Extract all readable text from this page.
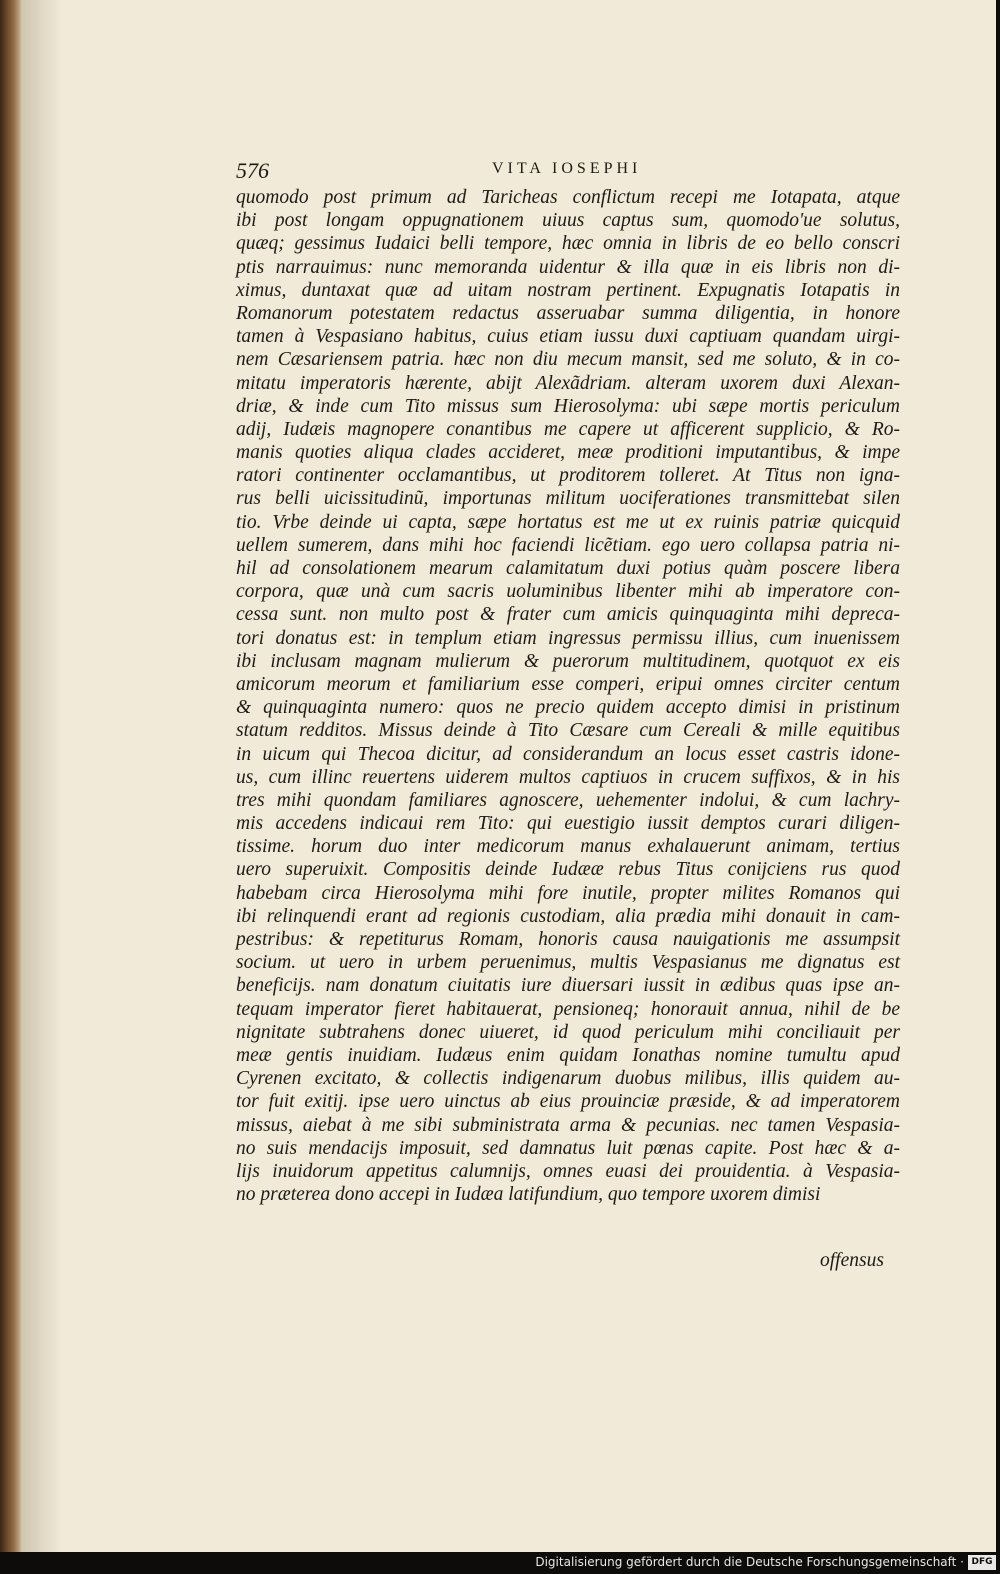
576	VITA IOSEPHI
quomodo post primum ad Taricheas conflictum recepi me Iotapata, atque
ibi post longam oppugnationem uiuus captus sum, quomodo'ue solutus,
quæq; gessimus Iudaici belli tempore, hæc omnia in libris de eo bello conscri
ptis narrauimus: nunc memoranda uidentur & illa quæ in eis libris non di-
ximus, duntaxat quæ ad uitam nostram pertinent. Expugnatis Iotapatis in
Romanorum potestatem redactus asseruabar summa diligentia, in honore
tamen à Vespasiano habitus, cuius etiam iussu duxi captiuam quandam uirgi-
nem Cæsariensem patria. hæc non diu mecum mansit, sed me soluto, & in co-
mitatu imperatoris hærente, abijt Alexãdriam. alteram uxorem duxi Alexan-
driæ, & inde cum Tito missus sum Hierosolyma: ubi sæpe mortis periculum
adij, Iudæis magnopere conantibus me capere ut afficerent supplicio, & Ro-
manis quoties aliqua clades accideret, meæ proditioni imputantibus, & impe
ratori continenter occlamantibus, ut proditorem tolleret. At Titus non igna-
rus belli uicissitudinũ, importunas militum uociferationes transmittebat silen
tio. Vrbe deinde ui capta, sæpe hortatus est me ut ex ruinis patriæ quicquid
uellem sumerem, dans mihi hoc faciendi licẽtiam. ego uero collapsa patria ni-
hil ad consolationem mearum calamitatum duxi potius quàm poscere libera
corpora, quæ unà cum sacris uoluminibus libenter mihi ab imperatore con-
cessa sunt. non multo post & frater cum amicis quinquaginta mihi depreca-
tori donatus est: in templum etiam ingressus permissu illius, cum inuenissem
ibi inclusam magnam mulierum & puerorum multitudinem, quotquot ex eis
amicorum meorum et familiarium esse comperi, eripui omnes circiter centum
& quinquaginta numero: quos ne precio quidem accepto dimisi in pristinum
statum redditos. Missus deinde à Tito Cæsare cum Cereali & mille equitibus
in uicum qui Thecoa dicitur, ad considerandum an locus esset castris idone-
us, cum illinc reuertens uiderem multos captiuos in crucem suffixos, & in his
tres mihi quondam familiares agnoscere, uehementer indolui, & cum lachry-
mis accedens indicaui rem Tito: qui euestigio iussit demptos curari diligen-
tissime. horum duo inter medicorum manus exhalauerunt animam, tertius
uero superuixit. Compositis deinde Iudææ rebus Titus conijciens rus quod
habebam circa Hierosolyma mihi fore inutile, propter milites Romanos qui
ibi relinquendi erant ad regionis custodiam, alia prædia mihi donauit in cam-
pestribus: & repetiturus Romam, honoris causa nauigationis me assumpsit
socium. ut uero in urbem peruenimus, multis Vespasianus me dignatus est
beneficijs. nam donatum ciuitatis iure diuersari iussit in ædibus quas ipse an-
tequam imperator fieret habitauerat, pensioneq; honorauit annua, nihil de be
nignitate subtrahens donec uiueret, id quod periculum mihi conciliauit per
meæ gentis inuidiam. Iudæus enim quidam Ionathas nomine tumultu apud
Cyrenen excitato, & collectis indigenarum duobus milibus, illis quidem au-
tor fuit exitij. ipse uero uinctus ab eius prouinciæ præside, & ad imperatorem
missus, aiebat à me sibi subministrata arma & pecunias. nec tamen Vespasia-
no suis mendacijs imposuit, sed damnatus luit pœnas capite. Post hæc & a-
lijs inuidorum appetitus calumnijs, omnes euasi dei prouidentia. à Vespasia-
no præterea dono accepi in Iudæa latifundium, quo tempore uxorem dimisi
offensus
Digitalisierung gefördert durch die Deutsche Forschungsgemeinschaft · DFG
